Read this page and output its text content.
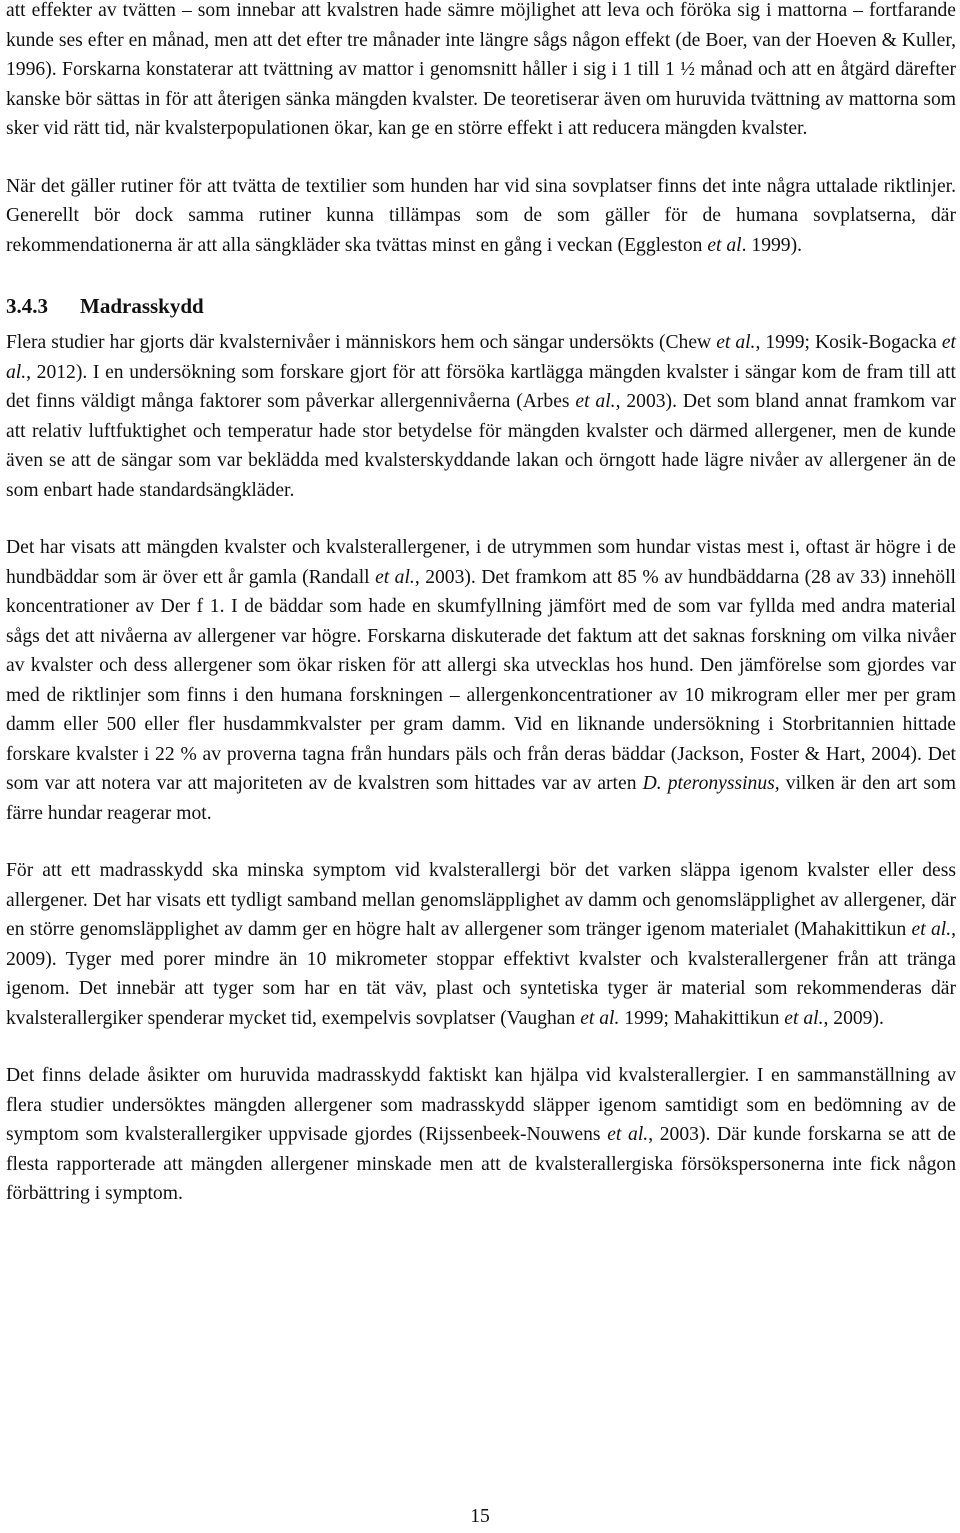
att effekter av tvätten – som innebar att kvalstren hade sämre möjlighet att leva och föröka sig i mattorna – fortfarande kunde ses efter en månad, men att det efter tre månader inte längre sågs någon effekt (de Boer, van der Hoeven & Kuller, 1996). Forskarna konstaterar att tvättning av mattor i genomsnitt håller i sig i 1 till 1 ½ månad och att en åtgärd därefter kanske bör sättas in för att återigen sänka mängden kvalster. De teoretiserar även om huruvida tvättning av mattorna som sker vid rätt tid, när kvalsterpopulationen ökar, kan ge en större effekt i att reducera mängden kvalster.

När det gäller rutiner för att tvätta de textilier som hunden har vid sina sovplatser finns det inte några uttalade riktlinjer. Generellt bör dock samma rutiner kunna tillämpas som de som gäller för de humana sovplatserna, där rekommendationerna är att alla sängkläder ska tvättas minst en gång i veckan (Eggleston et al. 1999).

3.4.3 Madrasskydd

Flera studier har gjorts där kvalsternivåer i människors hem och sängar undersökts (Chew et al., 1999; Kosik-Bogacka et al., 2012). I en undersökning som forskare gjort för att försöka kartlägga mängden kvalster i sängar kom de fram till att det finns väldigt många faktorer som påverkar allergennivåerna (Arbes et al., 2003). Det som bland annat framkom var att relativ luftfuktighet och temperatur hade stor betydelse för mängden kvalster och därmed allergener, men de kunde även se att de sängar som var beklädda med kvalsterskyddande lakan och örngott hade lägre nivåer av allergener än de som enbart hade standardsängkläder.

Det har visats att mängden kvalster och kvalsterallergener, i de utrymmen som hundar vistas mest i, oftast är högre i de hundbäddar som är över ett år gamla (Randall et al., 2003). Det framkom att 85 % av hundbäddarna (28 av 33) innehöll koncentrationer av Der f 1. I de bäddar som hade en skumfyllning jämfört med de som var fyllda med andra material sågs det att nivåerna av allergener var högre. Forskarna diskuterade det faktum att det saknas forskning om vilka nivåer av kvalster och dess allergener som ökar risken för att allergi ska utvecklas hos hund. Den jämförelse som gjordes var med de riktlinjer som finns i den humana forskningen – allergenkoncentrationer av 10 mikrogram eller mer per gram damm eller 500 eller fler husdammkvalster per gram damm. Vid en liknande undersökning i Storbritannien hittade forskare kvalster i 22 % av proverna tagna från hundars päls och från deras bäddar (Jackson, Foster & Hart, 2004). Det som var att notera var att majoriteten av de kvalstren som hittades var av arten D. pteronyssinus, vilken är den art som färre hundar reagerar mot.

För att ett madrasskydd ska minska symptom vid kvalsterallergi bör det varken släppa igenom kvalster eller dess allergener. Det har visats ett tydligt samband mellan genomsläpplighet av damm och genomsläpplighet av allergener, där en större genomsläpplighet av damm ger en högre halt av allergener som tränger igenom materialet (Mahakittikun et al., 2009). Tyger med porer mindre än 10 mikrometer stoppar effektivt kvalster och kvalsterallergener från att tränga igenom. Det innebär att tyger som har en tät väv, plast och syntetiska tyger är material som rekommenderas där kvalsterallergiker spenderar mycket tid, exempelvis sovplatser (Vaughan et al. 1999; Mahakittikun et al., 2009).

Det finns delade åsikter om huruvida madrasskydd faktiskt kan hjälpa vid kvalsterallergier. I en sammanställning av flera studier undersöktes mängden allergener som madrasskydd släpper igenom samtidigt som en bedömning av de symptom som kvalsterallergiker uppvisade gjordes (Rijssenbeek-Nouwens et al., 2003). Där kunde forskarna se att de flesta rapporterade att mängden allergener minskade men att de kvalsterallergiska försökspersonerna inte fick någon förbättring i symptom.

15
